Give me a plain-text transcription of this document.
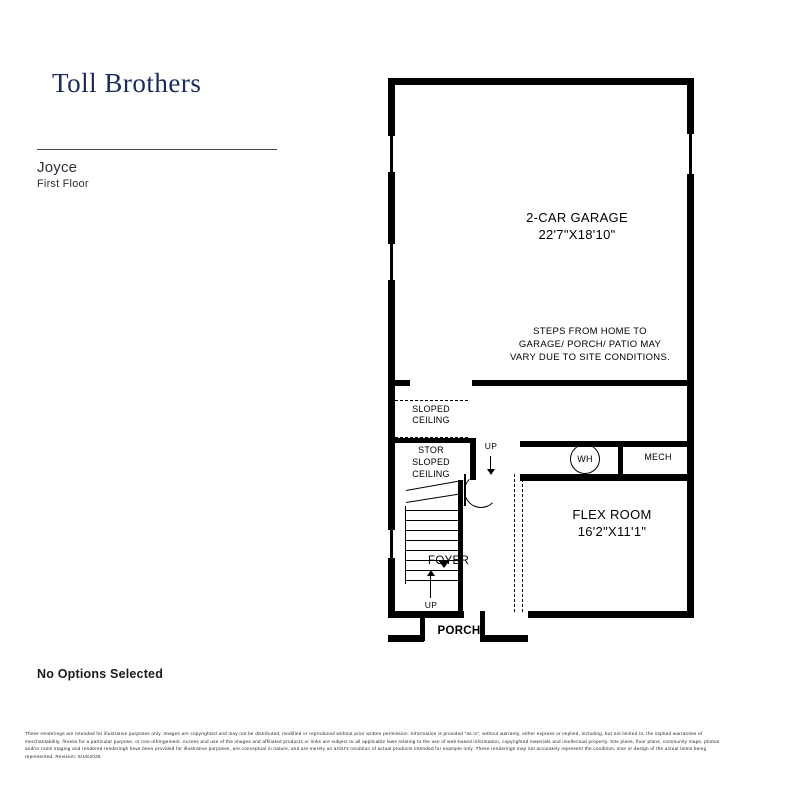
Toll Brothers
Joyce
First Floor
No Options Selected
These renderings are intended for illustrative purposes only. Images are copyrighted and may not be distributed, modified or reproduced without prior written permission. Information is provided "as is", without warranty, either express or implied, including, but not limited to, the implied warranties of merchantability, fitness for a particular purpose, or non-infringement. Access and use of the images and affiliated products or links are subject to all applicable laws relating to the use of web-based information, copyrighted materials and intellectual property. Site plans, floor plans, community maps, photos and/or room staging and rendered renderings have been provided for illustrative purposes, are conceptual in nature, and are merely an artist's rendition of actual products intended for example only. These renderings may not accurately represent the condition, size or design of the actual items being represented. Revision: 5/19/2025
UP
UP
WH
2-CAR GARAGE
22'7"X18'10"
STEPS FROM HOME TO
GARAGE/ PORCH/ PATIO MAY
VARY DUE TO SITE CONDITIONS.
SLOPED
CEILING
STOR
SLOPED
CEILING
MECH
FLEX ROOM
16'2"X11'1"
FOYER
PORCH
